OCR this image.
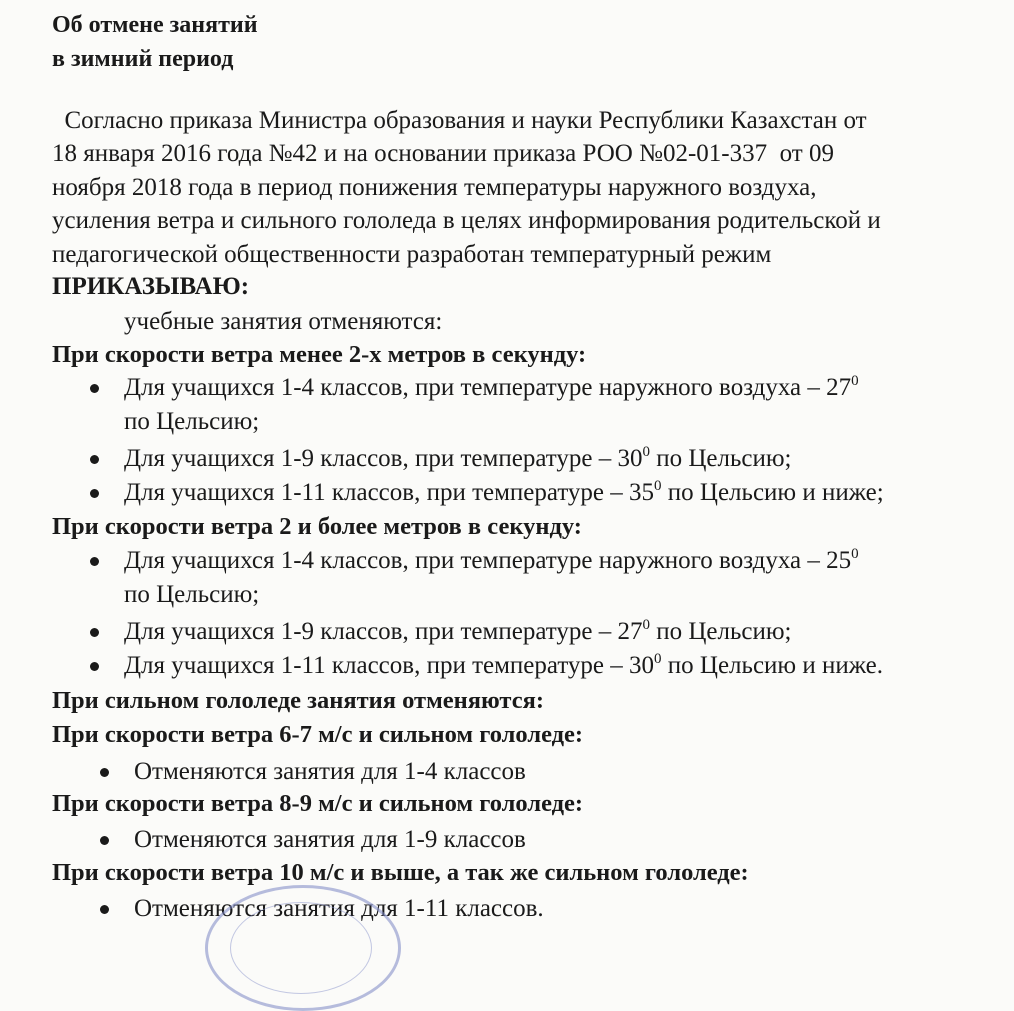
Об отмене занятий
в зимний период
Согласно приказа Министра образования и науки Республики Казахстан от
18 января 2016 года №42 и на основании приказа РОО №02-01-337  от 09
ноября 2018 года в период понижения температуры наружного воздуха,
усиления ветра и сильного гололеда в целях информирования родительской и
педагогической общественности разработан температурный режим
ПРИКАЗЫВАЮ:
учебные занятия отменяются:
При скорости ветра менее 2-х метров в секунду:
Для учащихся 1-4 классов, при температуре наружного воздуха – $27^0$
по Цельсию;
Для учащихся 1-9 классов, при температуре – $30^0$ по Цельсию;
Для учащихся 1-11 классов, при температуре – $35^0$ по Цельсию и ниже;
При скорости ветра 2 и более метров в секунду:
Для учащихся 1-4 классов, при температуре наружного воздуха – $25^0$
по Цельсию;
Для учащихся 1-9 классов, при температуре – $27^0$ по Цельсию;
Для учащихся 1-11 классов, при температуре – $30^0$ по Цельсию и ниже.
При сильном гололеде занятия отменяются:
При скорости ветра 6-7 м/с и сильном гололеде:
Отменяются занятия для 1-4 классов
При скорости ветра 8-9 м/с и сильном гололеде:
Отменяются занятия для 1-9 классов
При скорости ветра 10 м/с и выше, а так же сильном гололеде:
Отменяются занятия для 1-11 классов.
